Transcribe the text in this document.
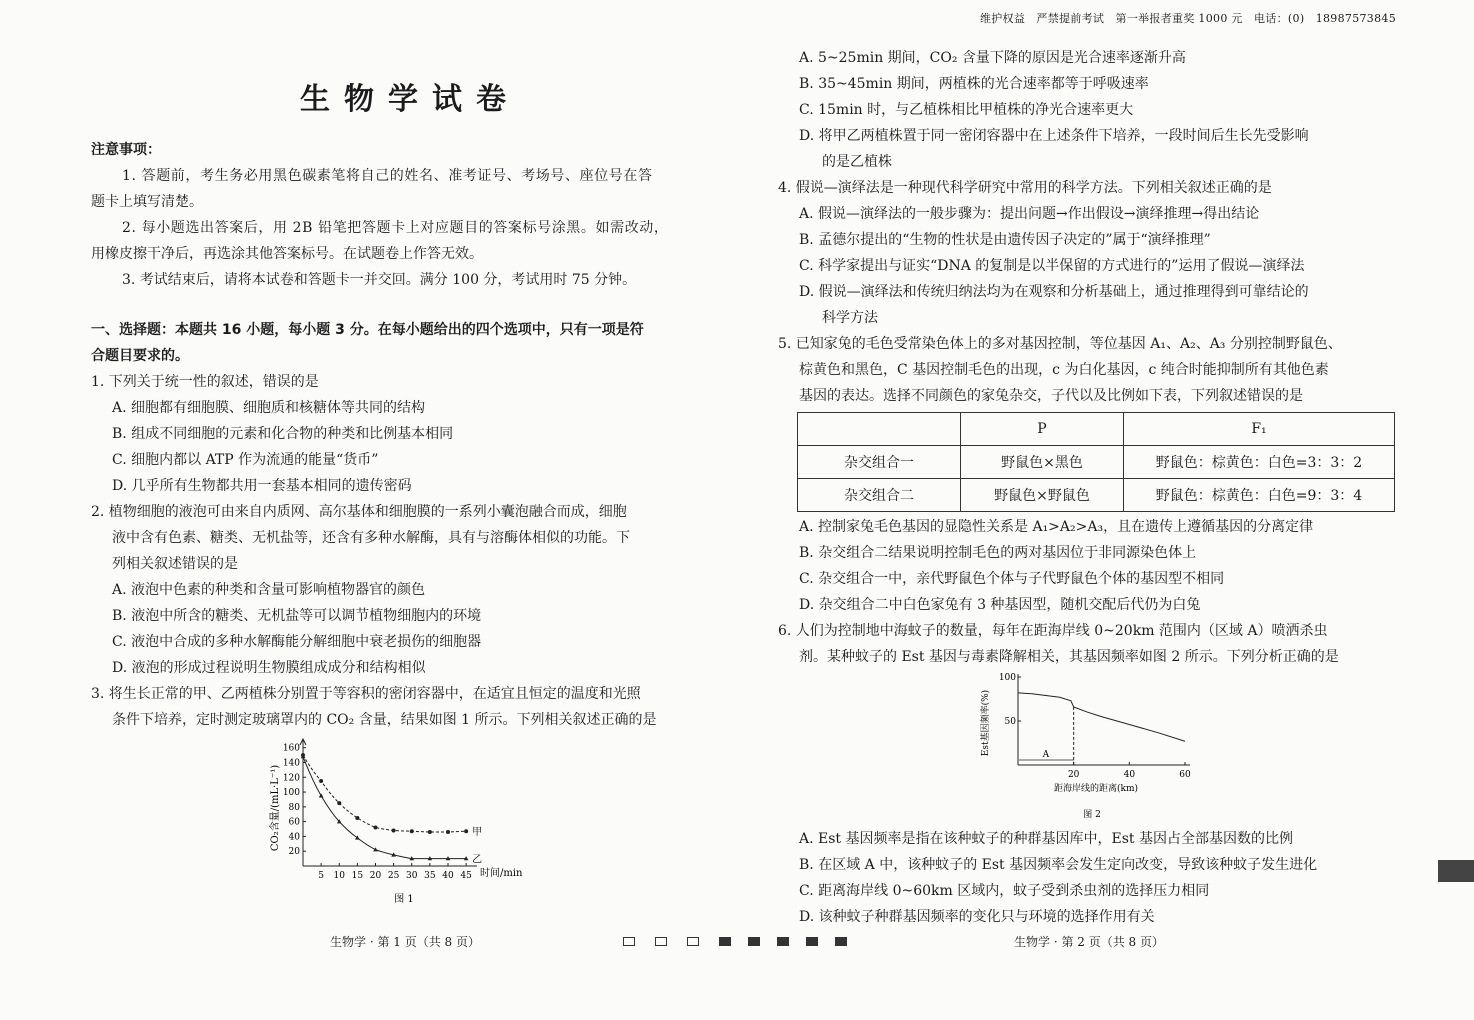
生物学试卷
注意事项：
1. 答题前，考生务必用黑色碳素笔将自己的姓名、准考证号、考场号、座位号在答
题卡上填写清楚。
2. 每小题选出答案后，用 2B 铅笔把答题卡上对应题目的答案标号涂黑。如需改动，
用橡皮擦干净后，再选涂其他答案标号。在试题卷上作答无效。
3. 考试结束后，请将本试卷和答题卡一并交回。满分 100 分，考试用时 75 分钟。
一、选择题：本题共 16 小题，每小题 3 分。在每小题给出的四个选项中，只有一项是符
合题目要求的。
1. 下列关于统一性的叙述，错误的是
A. 细胞都有细胞膜、细胞质和核糖体等共同的结构
B. 组成不同细胞的元素和化合物的种类和比例基本相同
C. 细胞内都以 ATP 作为流通的能量“货币”
D. 几乎所有生物都共用一套基本相同的遗传密码
2. 植物细胞的液泡可由来自内质网、高尔基体和细胞膜的一系列小囊泡融合而成，细胞
液中含有色素、糖类、无机盐等，还含有多种水解酶，具有与溶酶体相似的功能。下
列相关叙述错误的是
A. 液泡中色素的种类和含量可影响植物器官的颜色
B. 液泡中所含的糖类、无机盐等可以调节植物细胞内的环境
C. 液泡中合成的多种水解酶能分解细胞中衰老损伤的细胞器
D. 液泡的形成过程说明生物膜组成成分和结构相似
3. 将生长正常的甲、乙两植株分别置于等容积的密闭容器中，在适宜且恒定的温度和光照
条件下培养，定时测定玻璃罩内的 CO₂ 含量，结果如图 1 所示。下列相关叙述正确的是
5 10 15 20 25 30 35 40 45
20
40
60
80
100
120
140
160
甲
乙
CO₂含量/(mL·L⁻¹)
时间/min
图 1
生物学 · 第 1 页（共 8 页）
维护权益　严禁提前考试　第一举报者重奖 1000 元　电话：(0)　18987573845
A. 5~25min 期间，CO₂ 含量下降的原因是光合速率逐渐升高
B. 35~45min 期间，两植株的光合速率都等于呼吸速率
C. 15min 时，与乙植株相比甲植株的净光合速率更大
D. 将甲乙两植株置于同一密闭容器中在上述条件下培养，一段时间后生长先受影响
的是乙植株
4. 假说—演绎法是一种现代科学研究中常用的科学方法。下列相关叙述正确的是
A. 假说—演绎法的一般步骤为：提出问题→作出假设→演绎推理→得出结论
B. 孟德尔提出的“生物的性状是由遗传因子决定的”属于“演绎推理”
C. 科学家提出与证实“DNA 的复制是以半保留的方式进行的”运用了假说—演绎法
D. 假说—演绎法和传统归纳法均为在观察和分析基础上，通过推理得到可靠结论的
科学方法
5. 已知家兔的毛色受常染色体上的多对基因控制，等位基因 A₁、A₂、A₃ 分别控制野鼠色、
棕黄色和黑色，C 基因控制毛色的出现，c 为白化基因，c 纯合时能抑制所有其他色素
基因的表达。选择不同颜色的家兔杂交，子代以及比例如下表，下列叙述错误的是
	P	F₁
杂交组合一	野鼠色×黑色	野鼠色：棕黄色：白色=3：3：2
杂交组合二	野鼠色×野鼠色	野鼠色：棕黄色：白色=9：3：4
A. 控制家兔毛色基因的显隐性关系是 A₁>A₂>A₃，且在遗传上遵循基因的分离定律
B. 杂交组合二结果说明控制毛色的两对基因位于非同源染色体上
C. 杂交组合一中，亲代野鼠色个体与子代野鼠色个体的基因型不相同
D. 杂交组合二中白色家兔有 3 种基因型，随机交配后代仍为白兔
6. 人们为控制地中海蚊子的数量，每年在距海岸线 0~20km 范围内（区域 A）喷洒杀虫
剂。某种蚊子的 Est 基因与毒素降解相关，其基因频率如图 2 所示。下列分析正确的是
20	40	60
50
100
A
Est基因频率(%)
距海岸线的距离(km)
图 2
A. Est 基因频率是指在该种蚊子的种群基因库中，Est 基因占全部基因数的比例
B. 在区域 A 中，该种蚊子的 Est 基因频率会发生定向改变，导致该种蚊子发生进化
C. 距离海岸线 0~60km 区域内，蚊子受到杀虫剂的选择压力相同
D. 该种蚊子种群基因频率的变化只与环境的选择作用有关
生物学 · 第 2 页（共 8 页）
